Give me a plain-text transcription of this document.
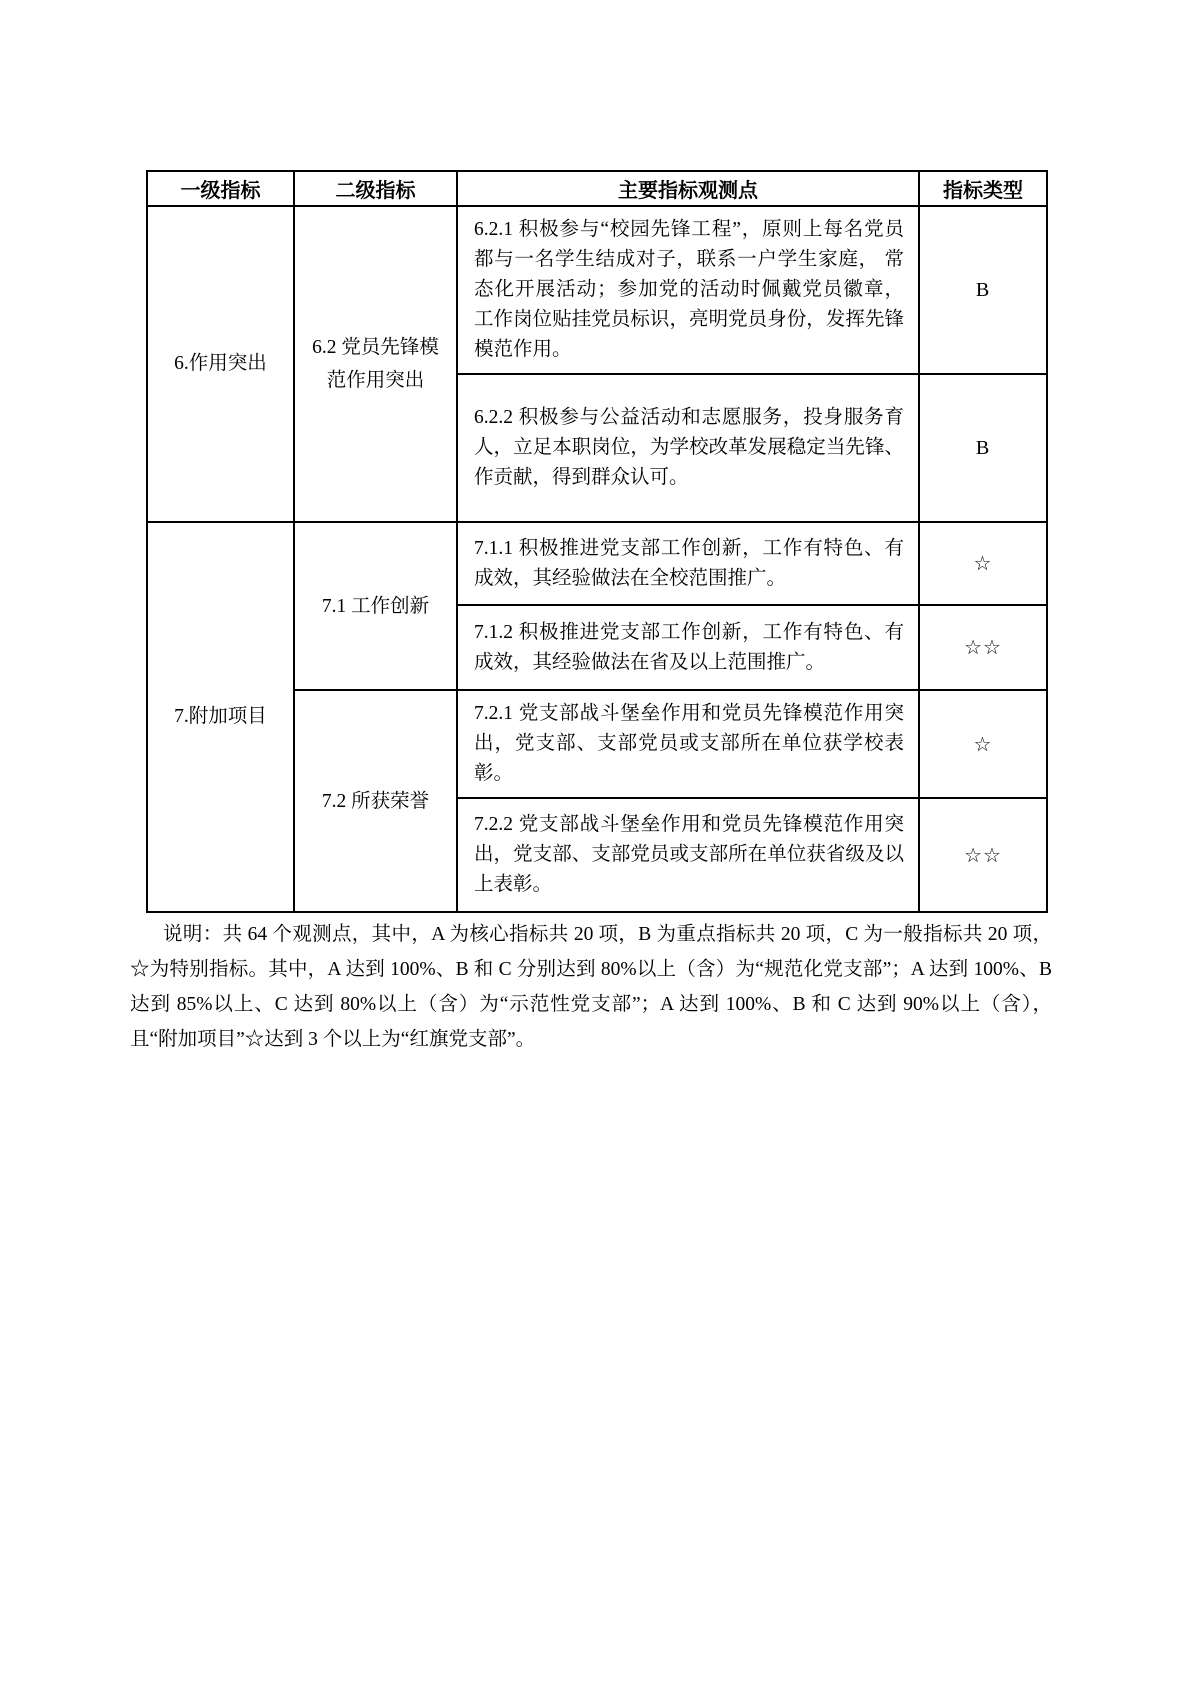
一级指标	二级指标	主要指标观测点	指标类型
6.作用突出	6.2 党员先锋模范作用突出	6.2.1 积极参与“校园先锋工程”，原则上每名党员都与一名学生结成对子，联系一户学生家庭， 常态化开展活动；参加党的活动时佩戴党员徽章， 工作岗位贴挂党员标识，亮明党员身份，发挥先锋模范作用。	B
		6.2.2 积极参与公益活动和志愿服务，投身服务育人，立足本职岗位，为学校改革发展稳定当先锋、作贡献，得到群众认可。	B
7.附加项目	7.1 工作创新	7.1.1 积极推进党支部工作创新，工作有特色、有成效，其经验做法在全校范围推广。	☆
		7.1.2 积极推进党支部工作创新，工作有特色、有成效，其经验做法在省及以上范围推广。	☆☆
	7.2 所获荣誉	7.2.1 党支部战斗堡垒作用和党员先锋模范作用突出，党支部、支部党员或支部所在单位获学校表彰。	☆
		7.2.2 党支部战斗堡垒作用和党员先锋模范作用突出，党支部、支部党员或支部所在单位获省级及以上表彰。	☆☆

说明：共 64 个观测点，其中，A 为核心指标共 20 项，B 为重点指标共 20 项，C 为一般指标共 20 项，☆为特别指标。其中，A 达到 100%、B 和 C 分别达到 80%以上（含）为“规范化党支部”；A 达到 100%、B 达到 85%以上、C 达到 80%以上（含）为“示范性党支部”；A 达到 100%、B 和 C 达到 90%以上（含），且“附加项目”☆达到 3 个以上为“红旗党支部”。
